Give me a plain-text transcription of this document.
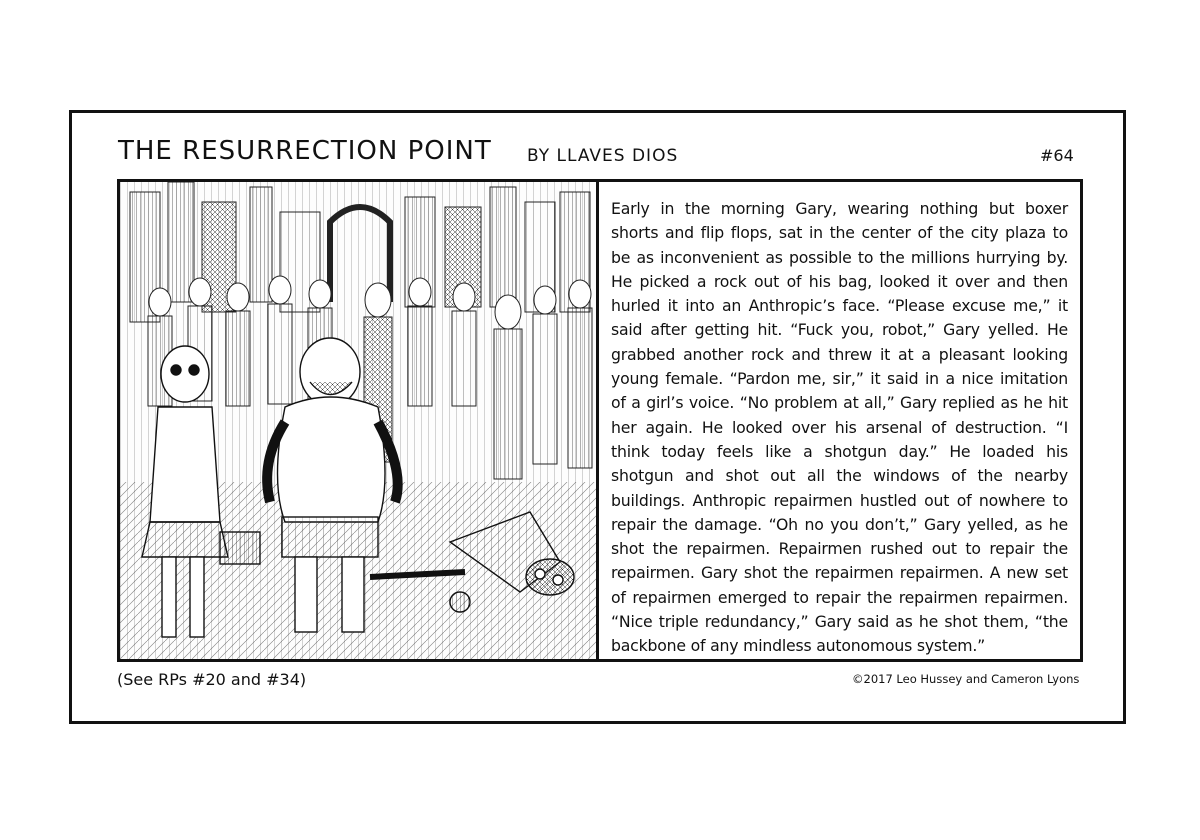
THE RESURRECTION POINT BY LLAVES DIOS	#64

Early in the morning Gary, wearing nothing but boxer shorts and flip flops, sat in the center of the city plaza to be as inconvenient as possible to the millions hurrying by. He picked a rock out of his bag, looked it over and then hurled it into an Anthropic’s face. “Please excuse me,” it said after getting hit. “Fuck you, robot,” Gary yelled. He grabbed another rock and threw it at a pleasant looking young female. “Pardon me, sir,” it said in a nice imitation of a girl’s voice. “No problem at all,” Gary replied as he hit her again. He looked over his arsenal of destruction. “I think today feels like a shotgun day.” He loaded his shotgun and shot out all the windows of the nearby buildings. Anthropic repairmen hustled out of nowhere to repair the damage. “Oh no you don’t,” Gary yelled, as he shot the repairmen. Repairmen rushed out to repair the repairmen. Gary shot the repairmen repairmen. A new set of repairmen emerged to repair the repairmen repairmen. “Nice triple redundancy,” Gary said as he shot them, “the backbone of any mindless autonomous system.”

(See RPs #20 and #34)	©2017 Leo Hussey and Cameron Lyons
